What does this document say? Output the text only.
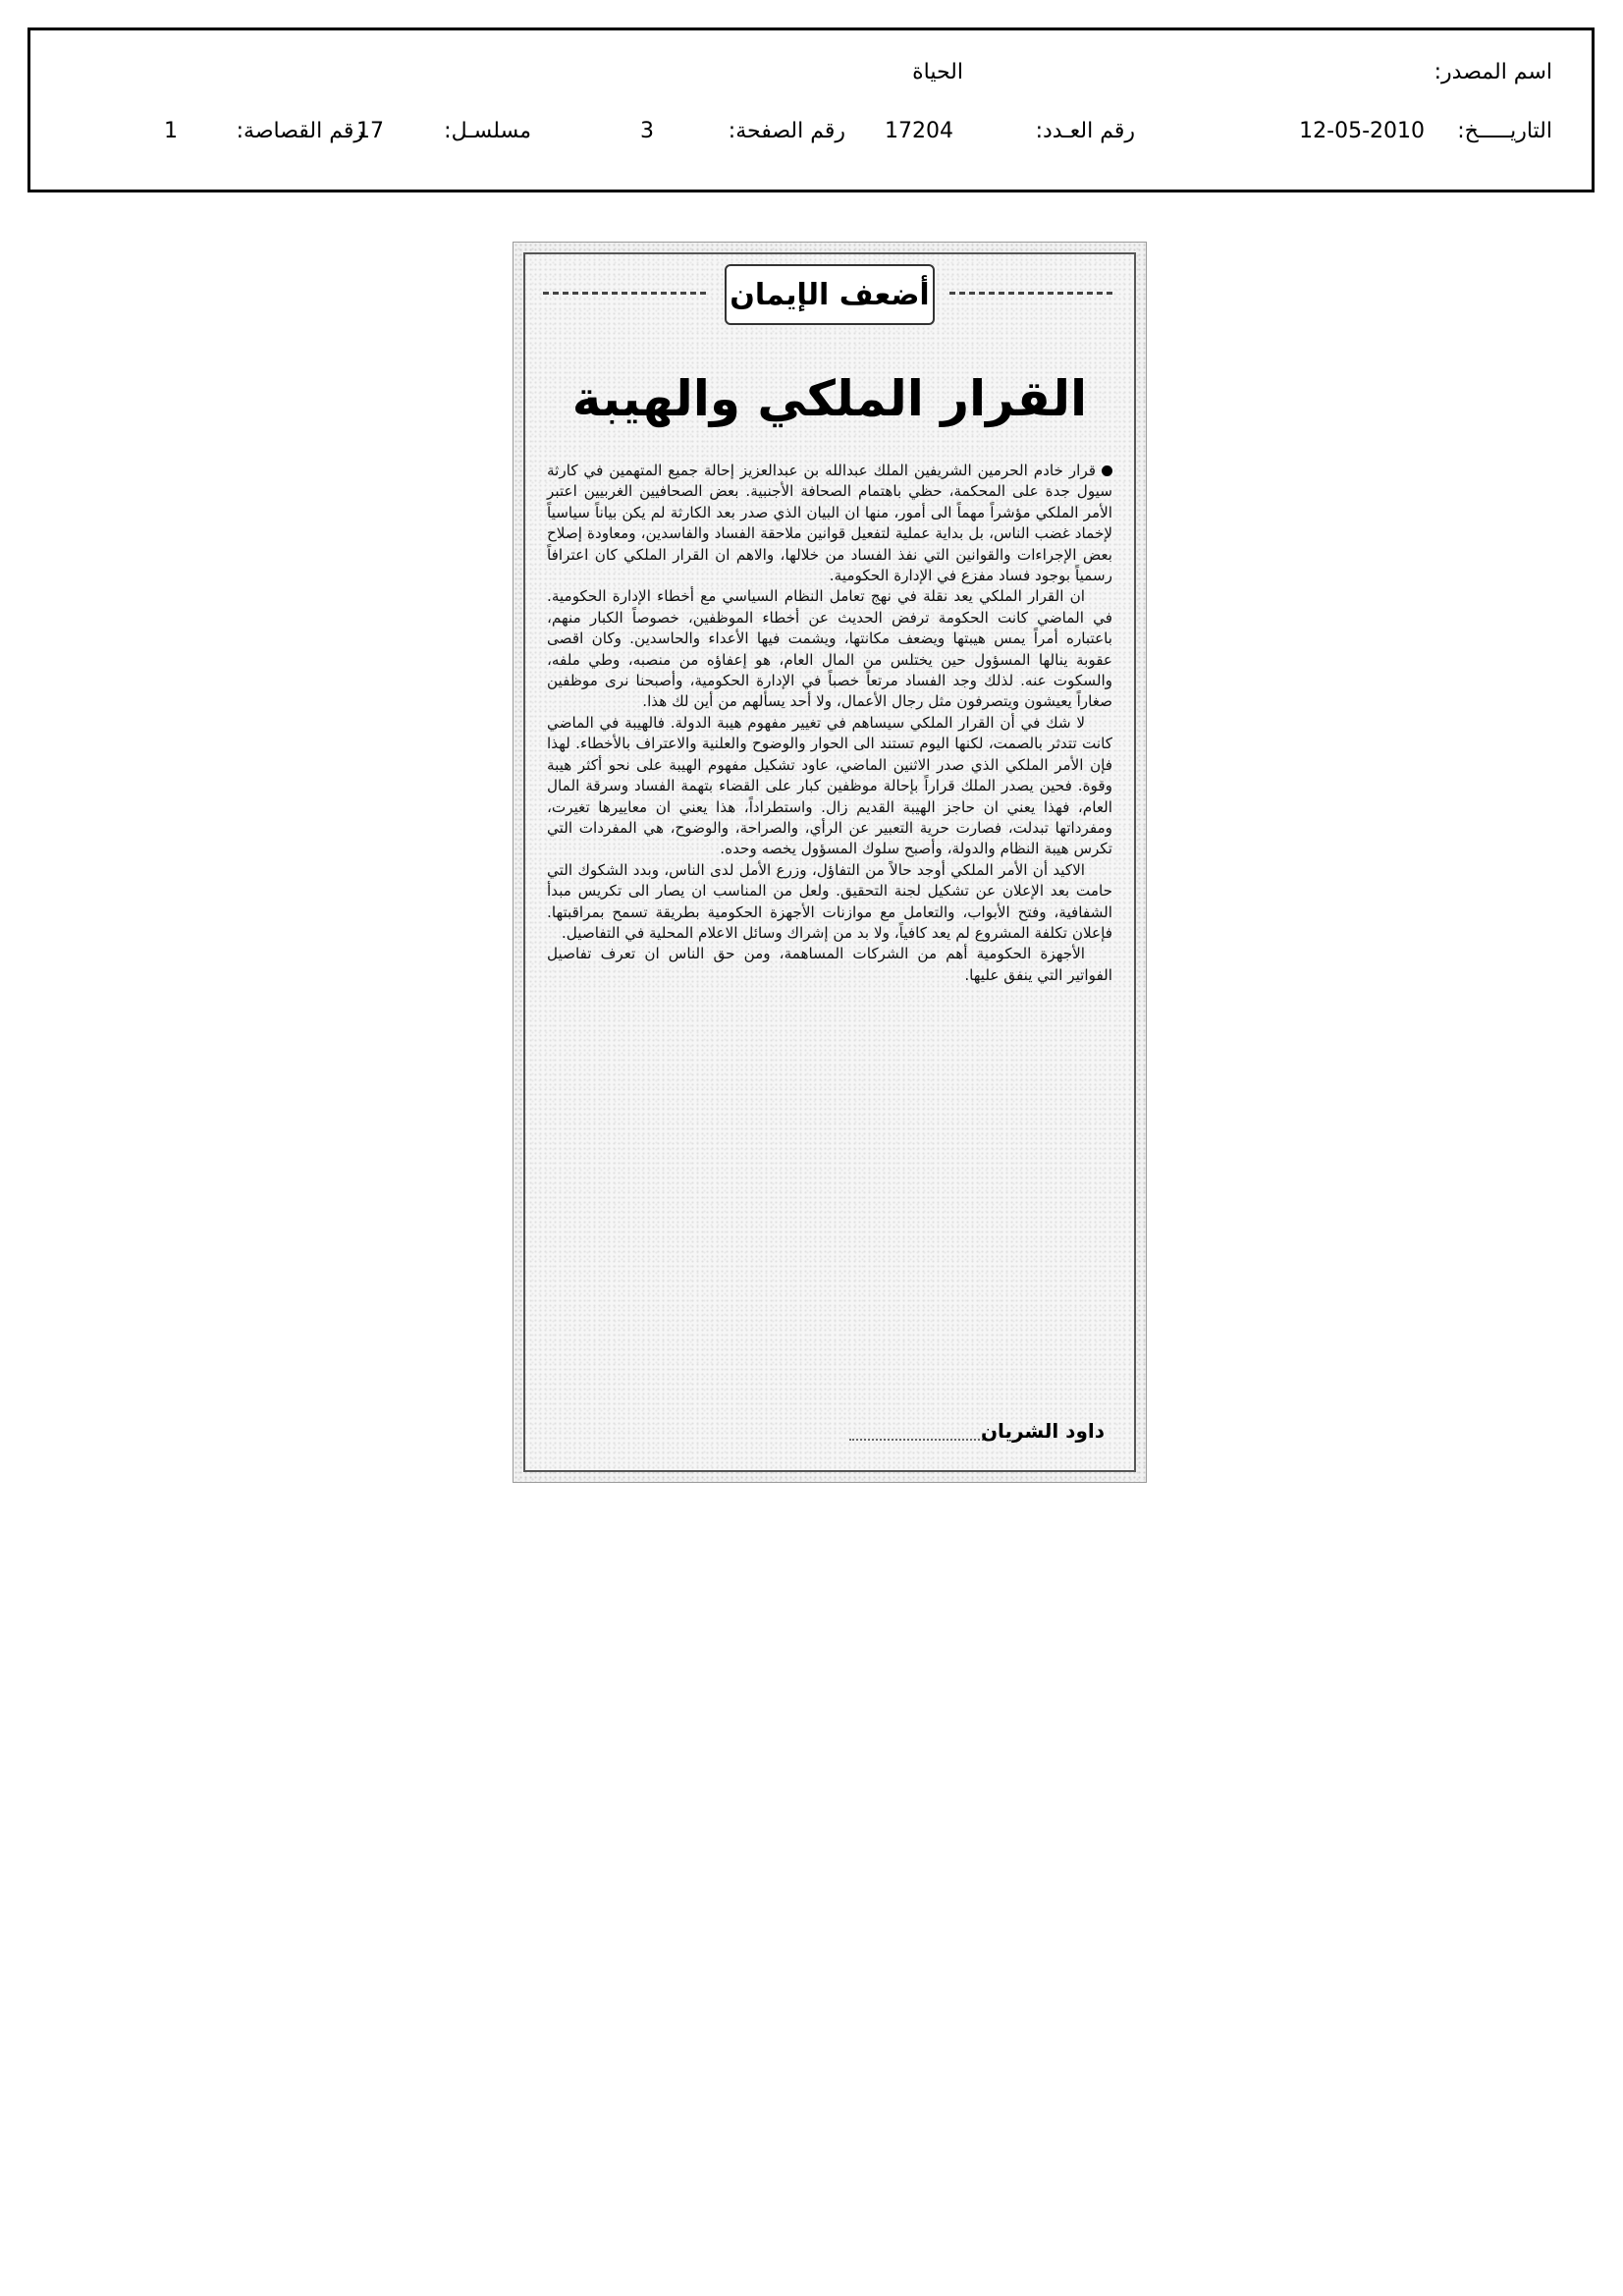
اسم المصدر:
الحياة
التاريـــــخ:
12-05-2010
رقم العـدد:
17204
رقم الصفحة:
3
مسلسـل:
17
رقم القصاصة:
1
أضعف الإيمان
القرار الملكي والهيبة

قرار خادم الحرمين الشريفين الملك عبدالله بن عبدالعزيز إحالة جميع المتهمين في كارثة سيول جدة على المحكمة، حظي باهتمام الصحافة الأجنبية. بعض الصحافيين الغربيين اعتبر الأمر الملكي مؤشراً مهماً الى أمور، منها ان البيان الذي صدر بعد الكارثة لم يكن بياناً سياسياً لإخماد غضب الناس، بل بداية عملية لتفعيل قوانين ملاحقة الفساد والفاسدين، ومعاودة إصلاح بعض الإجراءات والقوانين التي نفذ الفساد من خلالها، والاهم ان القرار الملكي كان اعترافاً رسمياً بوجود فساد مفزع في الإدارة الحكومية.

ان القرار الملكي يعد نقلة في نهج تعامل النظام السياسي مع أخطاء الإدارة الحكومية. في الماضي كانت الحكومة ترفض الحديث عن أخطاء الموظفين، خصوصاً الكبار منهم، باعتباره أمراً يمس هيبتها ويضعف مكانتها، ويشمت فيها الأعداء والحاسدين. وكان اقصى عقوبة ينالها المسؤول حين يختلس من المال العام، هو إعفاؤه من منصبه، وطي ملفه، والسكوت عنه. لذلك وجد الفساد مرتعاً خصباً في الإدارة الحكومية، وأصبحنا نرى موظفين صغاراً يعيشون ويتصرفون مثل رجال الأعمال، ولا أحد يسألهم من أين لك هذا.

لا شك في أن القرار الملكي سيساهم في تغيير مفهوم هيبة الدولة. فالهيبة في الماضي كانت تتدثر بالصمت، لكنها اليوم تستند الى الحوار والوضوح والعلنية والاعتراف بالأخطاء. لهذا فإن الأمر الملكي الذي صدر الاثنين الماضي، عاود تشكيل مفهوم الهيبة على نحو أكثر هيبة وقوة. فحين يصدر الملك قراراً بإحالة موظفين كبار على القضاء بتهمة الفساد وسرقة المال العام، فهذا يعني ان حاجز الهيبة القديم زال. واستطراداً، هذا يعني ان معاييرها تغيرت، ومفرداتها تبدلت، فصارت حرية التعبير عن الرأي، والصراحة، والوضوح، هي المفردات التي تكرس هيبة النظام والدولة، وأصبح سلوك المسؤول يخصه وحده.

الاكيد أن الأمر الملكي أوجد حالاً من التفاؤل، وزرع الأمل لدى الناس، وبدد الشكوك التي حامت بعد الإعلان عن تشكيل لجنة التحقيق. ولعل من المناسب ان يصار الى تكريس مبدأ الشفافية، وفتح الأبواب، والتعامل مع موازنات الأجهزة الحكومية بطريقة تسمح بمراقبتها. فإعلان تكلفة المشروع لم يعد كافياً، ولا بد من إشراك وسائل الاعلام المحلية في التفاصيل.

الأجهزة الحكومية أهم من الشركات المساهمة، ومن حق الناس ان تعرف تفاصيل الفواتير التي ينفق عليها.

داود الشريان
